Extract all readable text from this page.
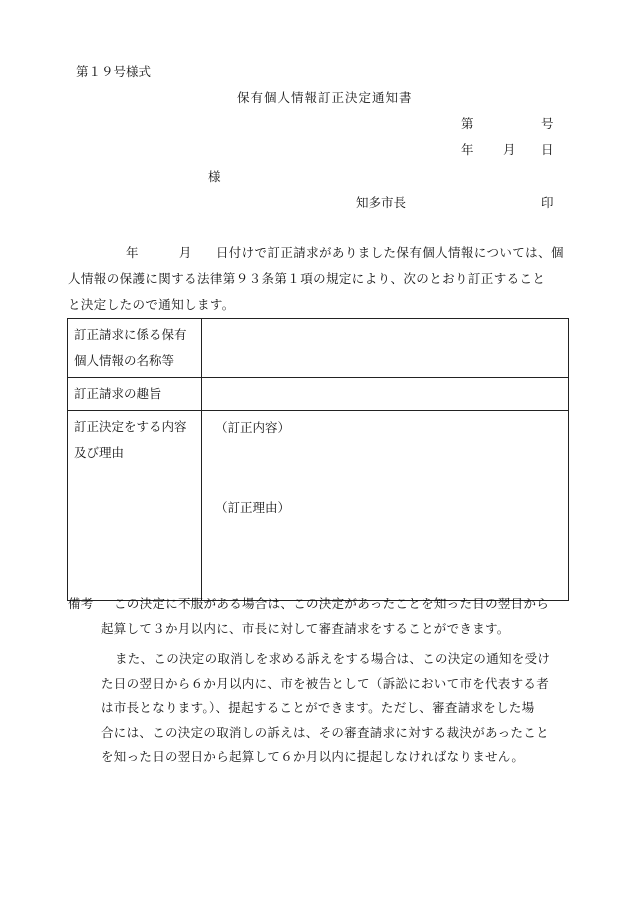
第１９号様式
保有個人情報訂正決定通知書
第	号
年 月 日
様
知多市長	印
年	月 日付けで訂正請求がありました保有個人情報については、個
人情報の保護に関する法律第９３条第１項の規定により、次のとおり訂正すること
と決定したので通知します。
訂正請求に係る保有
個人情報の名称等	

訂正請求の趣旨	

訂正決定をする内容
及び理由	（訂正内容）
（訂正理由）
備考 この決定に不服がある場合は、この決定があったことを知った日の翌日から
起算して３か月以内に、市長に対して審査請求をすることができます。
また、この決定の取消しを求める訴えをする場合は、この決定の通知を受け
た日の翌日から６か月以内に、市を被告として（訴訟において市を代表する者
は市長となります。）、提起することができます。ただし、審査請求をした場
合には、この決定の取消しの訴えは、その審査請求に対する裁決があったこと
を知った日の翌日から起算して６か月以内に提起しなければなりません。
